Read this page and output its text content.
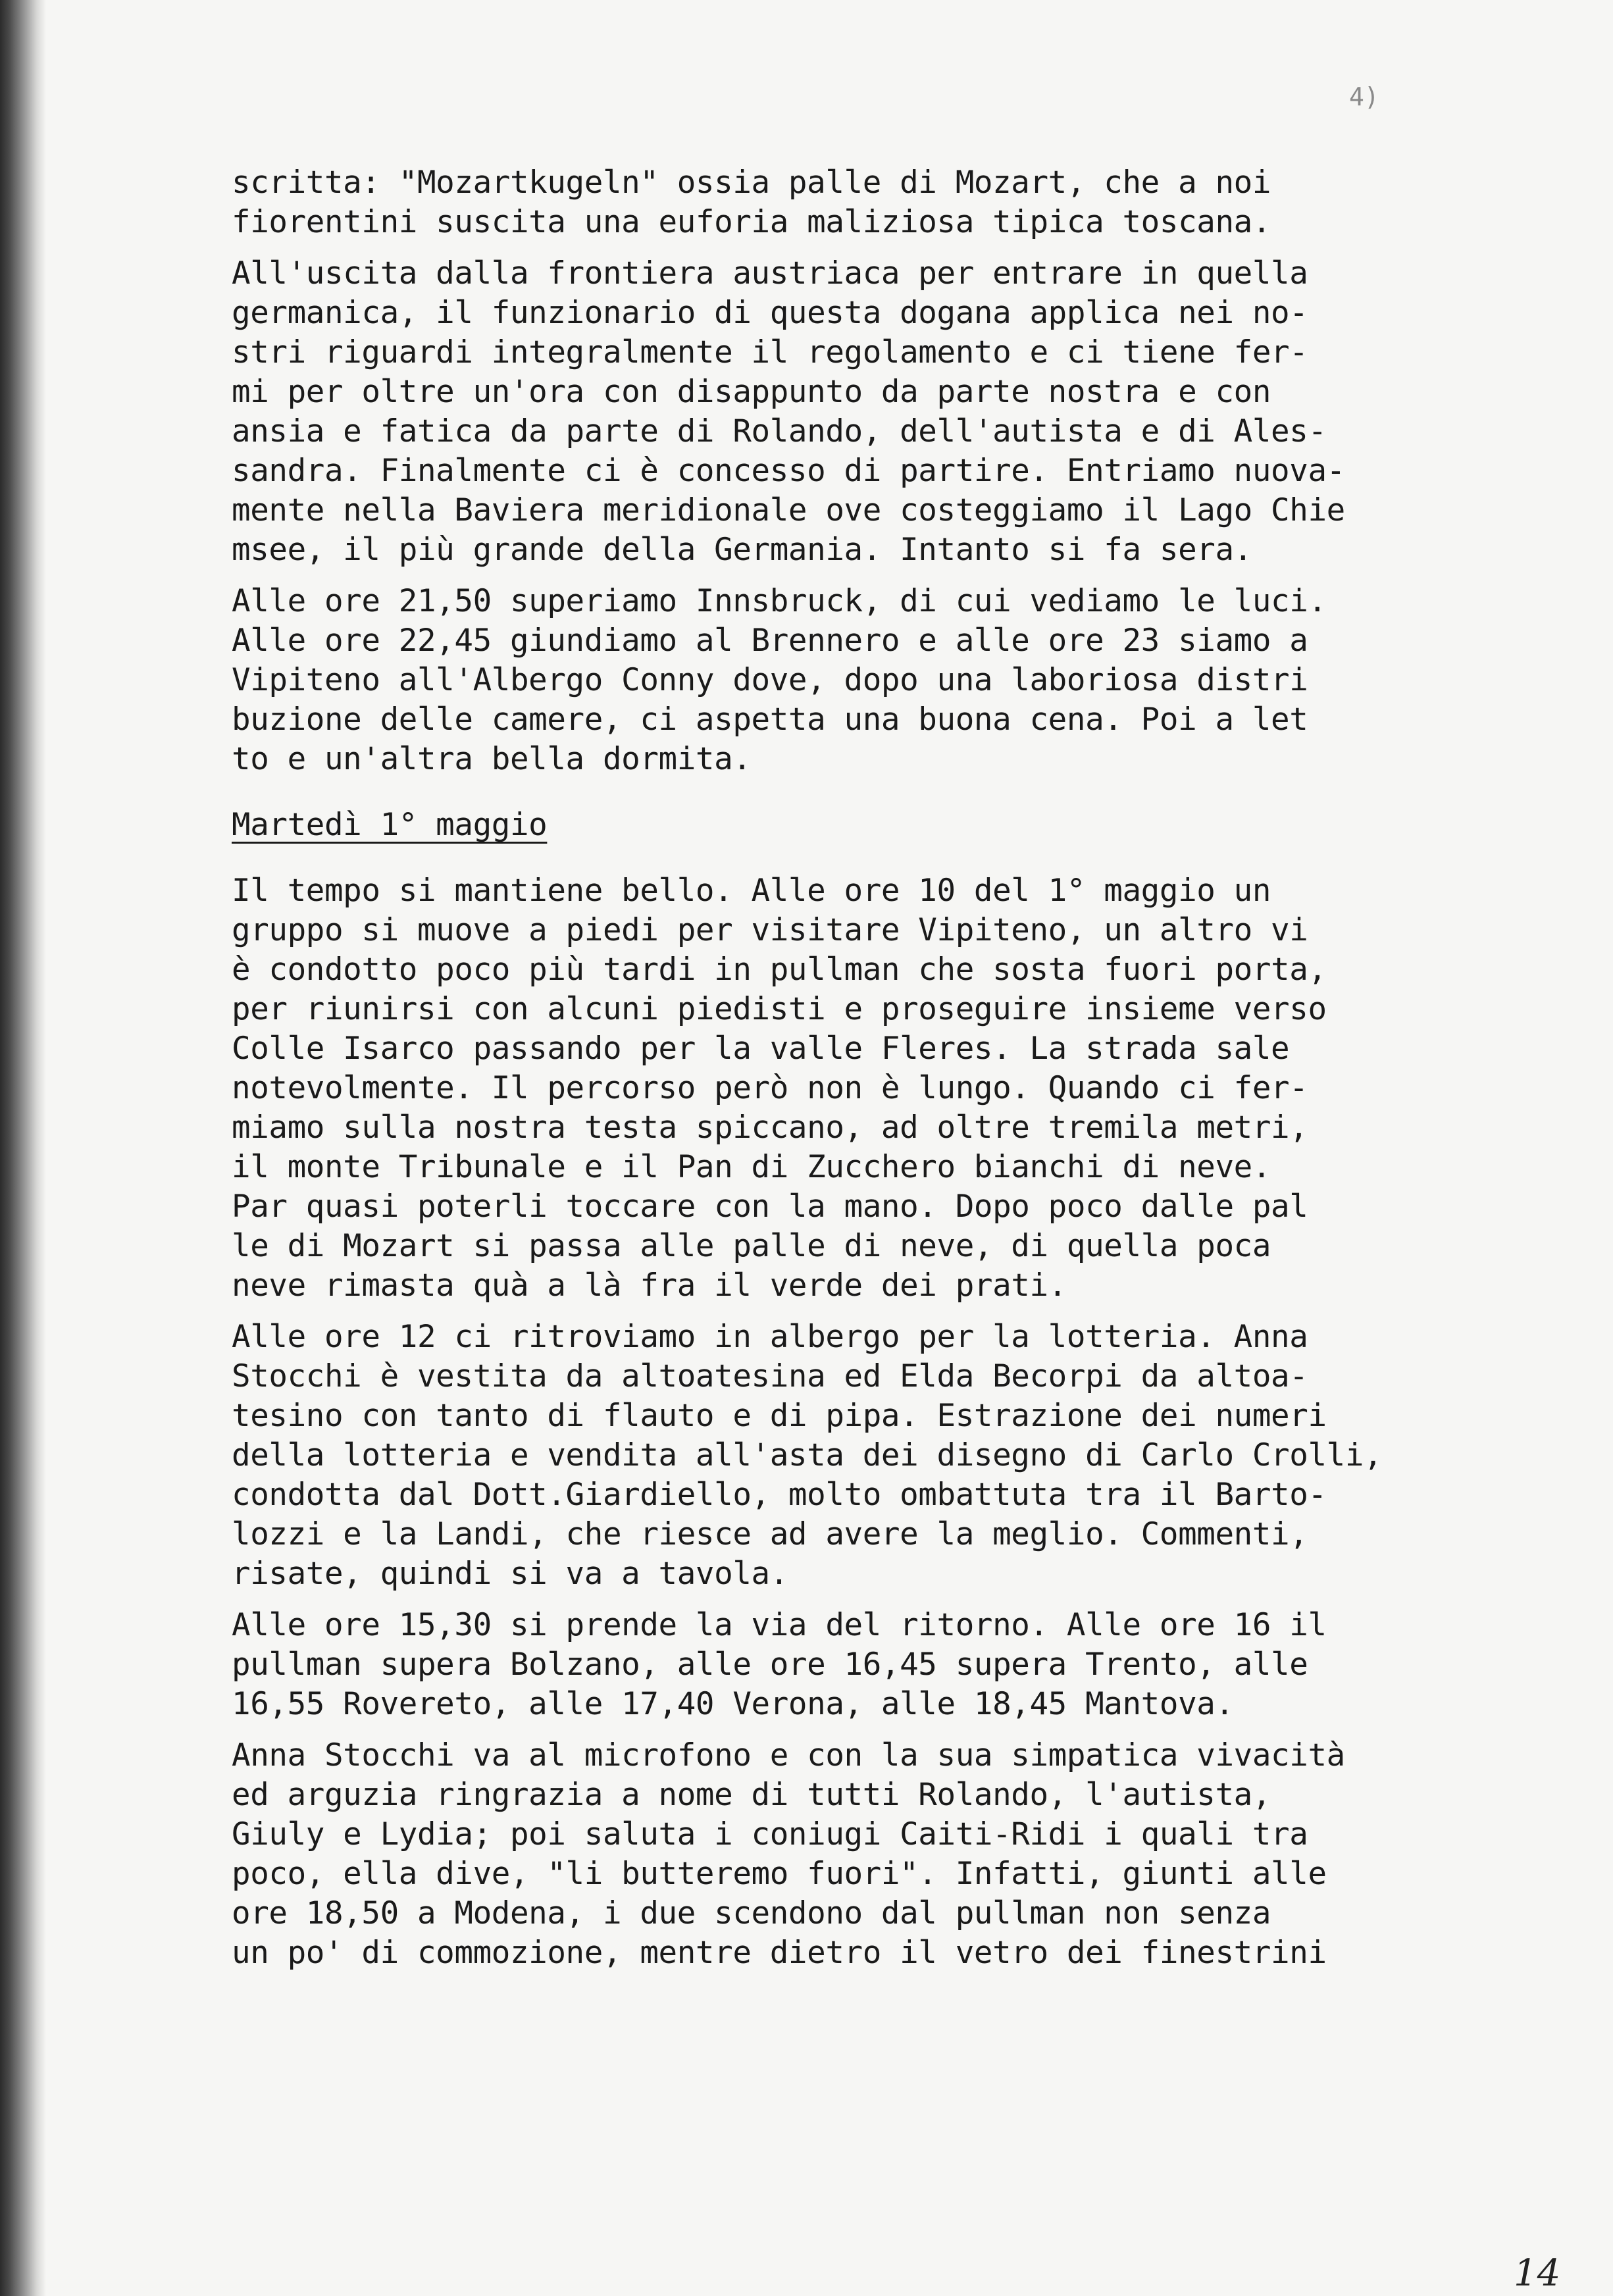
4)
scritta: "Mozartkugeln" ossia palle di Mozart, che a noi
fiorentini suscita una euforia maliziosa tipica toscana.
All'uscita dalla frontiera austriaca per entrare in quella
germanica, il funzionario di questa dogana applica nei no-
stri riguardi integralmente il regolamento e ci tiene fer-
mi per oltre un'ora con disappunto da parte nostra e con
ansia e fatica da parte di Rolando, dell'autista e di Ales-
sandra. Finalmente ci è concesso di partire. Entriamo nuova-
mente nella Baviera meridionale ove costeggiamo il Lago Chie
msee, il più grande della Germania. Intanto si fa sera.
Alle ore 21,50 superiamo Innsbruck, di cui vediamo le luci.
Alle ore 22,45 giundiamo al Brennero e alle ore 23 siamo a
Vipiteno all'Albergo Conny dove, dopo una laboriosa distri
buzione delle camere, ci aspetta una buona cena. Poi a let
to e un'altra bella dormita.
Martedì 1° maggio
Il tempo si mantiene bello. Alle ore 10 del 1° maggio un
gruppo si muove a piedi per visitare Vipiteno, un altro vi
è condotto poco più tardi in pullman che sosta fuori porta,
per riunirsi con alcuni piedisti e proseguire insieme verso
Colle Isarco passando per la valle Fleres. La strada sale
notevolmente. Il percorso però non è lungo. Quando ci fer-
miamo sulla nostra testa spiccano, ad oltre tremila metri,
il monte Tribunale e il Pan di Zucchero bianchi di neve.
Par quasi poterli toccare con la mano. Dopo poco dalle pal
le di Mozart si passa alle palle di neve, di quella poca
neve rimasta quà a là fra il verde dei prati.
Alle ore 12 ci ritroviamo in albergo per la lotteria. Anna
Stocchi è vestita da altoatesina ed Elda Becorpi da altoa-
tesino con tanto di flauto e di pipa. Estrazione dei numeri
della lotteria e vendita all'asta dei disegno di Carlo Crolli,
condotta dal Dott.Giardiello, molto ombattuta tra il Barto-
lozzi e la Landi, che riesce ad avere la meglio. Commenti,
risate, quindi si va a tavola.
Alle ore 15,30 si prende la via del ritorno. Alle ore 16 il
pullman supera Bolzano, alle ore 16,45 supera Trento, alle
16,55 Rovereto, alle 17,40 Verona, alle 18,45 Mantova.
Anna Stocchi va al microfono e con la sua simpatica vivacità
ed arguzia ringrazia a nome di tutti Rolando, l'autista,
Giuly e Lydia; poi saluta i coniugi Caiti-Ridi i quali tra
poco, ella dive, "li butteremo fuori". Infatti, giunti alle
ore 18,50 a Modena, i due scendono dal pullman non senza
un po' di commozione, mentre dietro il vetro dei finestrini
14
